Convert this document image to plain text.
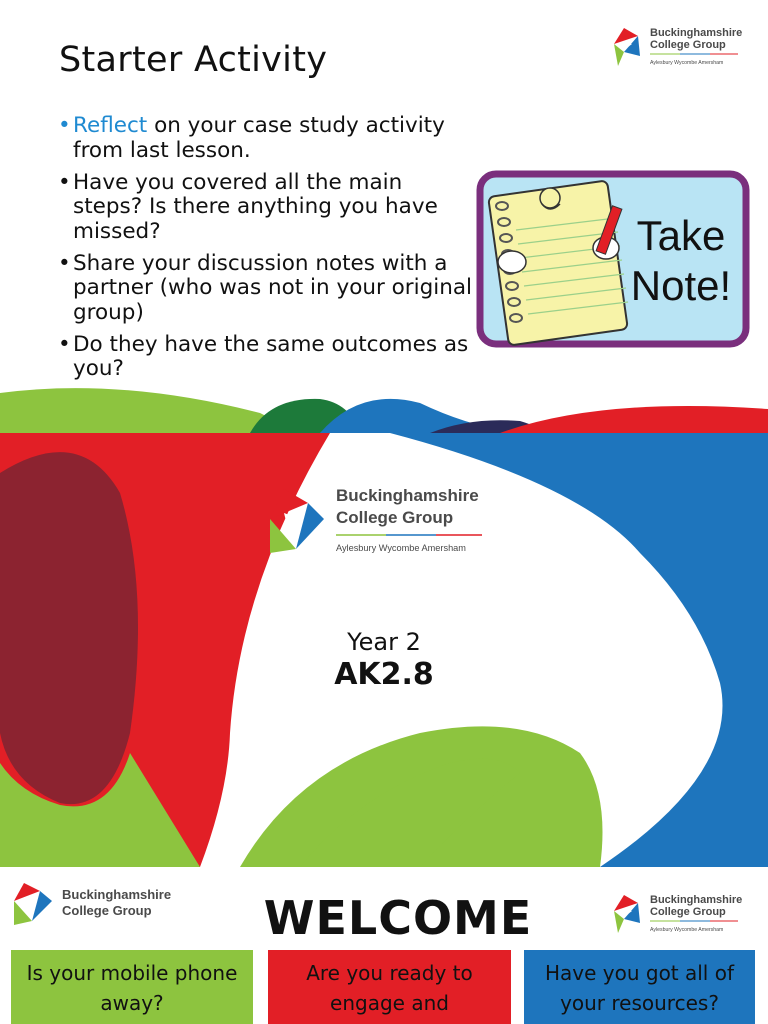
Starter Activity
Buckinghamshire
College Group
Aylesbury Wycombe Amersham
• Reflect on your case study activity from last lesson.
• Have you covered all the main steps? Is there anything you have missed?
• Share your discussion notes with a partner (who was not in your original group)
• Do they have the same outcomes as you?
Take
Note!
Buckinghamshire
College Group
Aylesbury Wycombe Amersham
Year 2
AK2.8
Buckinghamshire
College Group	WELCOME	Buckinghamshire
College Group
Aylesbury Wycombe Amersham
Is your mobile phone away?
Are you ready to engage and
Have you got all of your resources?
